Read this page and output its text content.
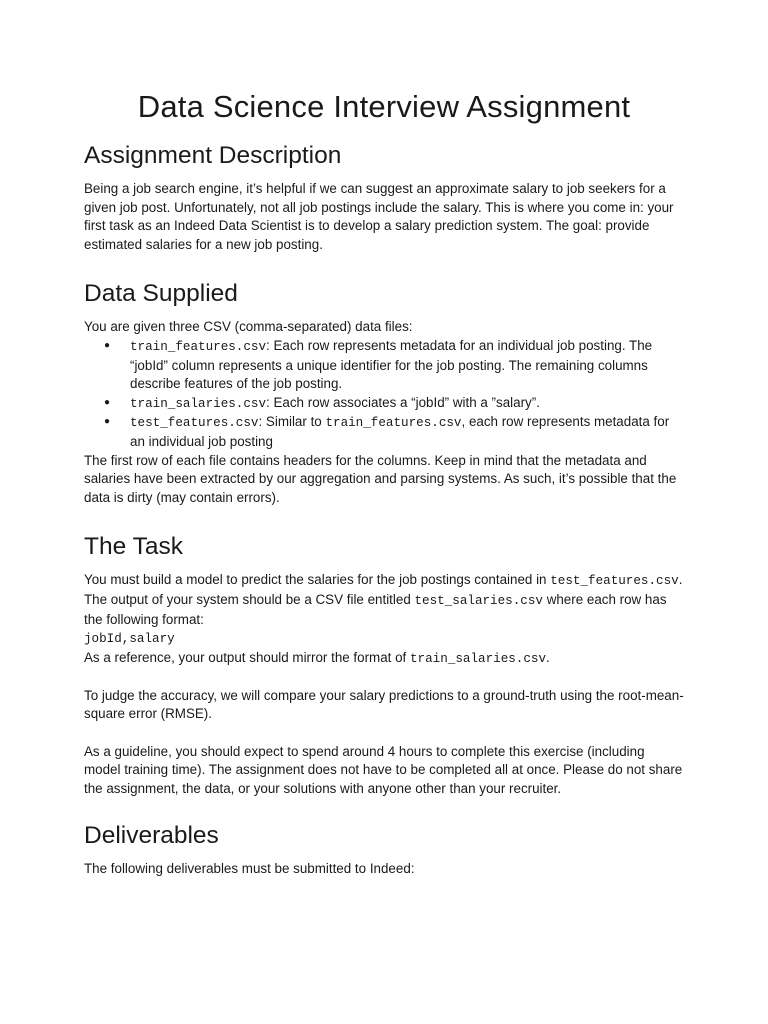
Data Science Interview Assignment
Assignment Description

Being a job search engine, it’s helpful if we can suggest an approximate salary to job seekers for a given job post. Unfortunately, not all job postings include the salary. This is where you come in: your first task as an Indeed Data Scientist is to develop a salary prediction system. The goal: provide estimated salaries for a new job posting.

Data Supplied

You are given three CSV (comma-separated) data files:

● train_features.csv: Each row represents metadata for an individual job posting. The “jobId” column represents a unique identifier for the job posting. The remaining columns describe features of the job posting.
● train_salaries.csv: Each row associates a “jobId” with a ”salary”.
● test_features.csv: Similar to train_features.csv, each row represents metadata for an individual job posting

The first row of each file contains headers for the columns. Keep in mind that the metadata and salaries have been extracted by our aggregation and parsing systems. As such, it’s possible that the data is dirty (may contain errors).

The Task

You must build a model to predict the salaries for the job postings contained in test_features.csv. The output of your system should be a CSV file entitled test_salaries.csv where each row has the following format:
jobId,salary
As a reference, your output should mirror the format of train_salaries.csv.

To judge the accuracy, we will compare your salary predictions to a ground-truth using the root-mean-square error (RMSE).

As a guideline, you should expect to spend around 4 hours to complete this exercise (including model training time). The assignment does not have to be completed all at once. Please do not share the assignment, the data, or your solutions with anyone other than your recruiter.

Deliverables

The following deliverables must be submitted to Indeed:
